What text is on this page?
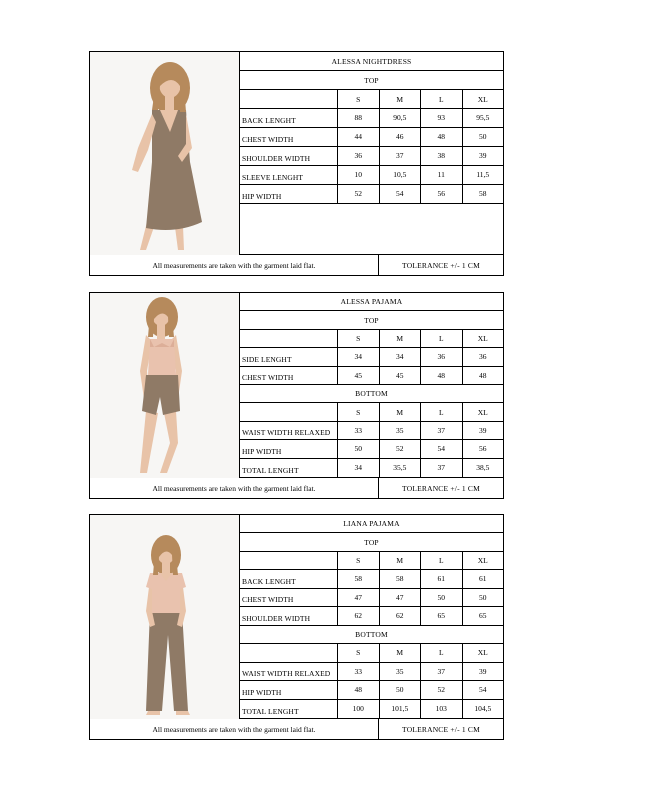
ALESSA NIGHTDRESS
TOP
S	M	L	XL
BACK LENGHT	88	90,5	93	95,5
CHEST WIDTH	44	46	48	50
SHOULDER WIDTH	36	37	38	39
SLEEVE LENGHT	10	10,5	11	11,5
HIP WIDTH	52	54	56	58
All measurements are taken with the garment laid flat.	TOLERANCE +/- 1 CM
ALESSA PAJAMA
TOP
S	M	L	XL
SIDE LENGHT	34	34	36	36
CHEST WIDTH	45	45	48	48
BOTTOM
S	M	L	XL
WAIST WIDTH RELAXED	33	35	37	39
HIP WIDTH	50	52	54	56
TOTAL LENGHT	34	35,5	37	38,5
All measurements are taken with the garment laid flat.	TOLERANCE +/- 1 CM
LIANA PAJAMA
TOP
S	M	L	XL
BACK LENGHT	58	58	61	61
CHEST WIDTH	47	47	50	50
SHOULDER WIDTH	62	62	65	65
BOTTOM
S	M	L	XL
WAIST WIDTH RELAXED	33	35	37	39
HIP WIDTH	48	50	52	54
TOTAL LENGHT	100	101,5	103	104,5
All measurements are taken with the garment laid flat.	TOLERANCE +/- 1 CM
